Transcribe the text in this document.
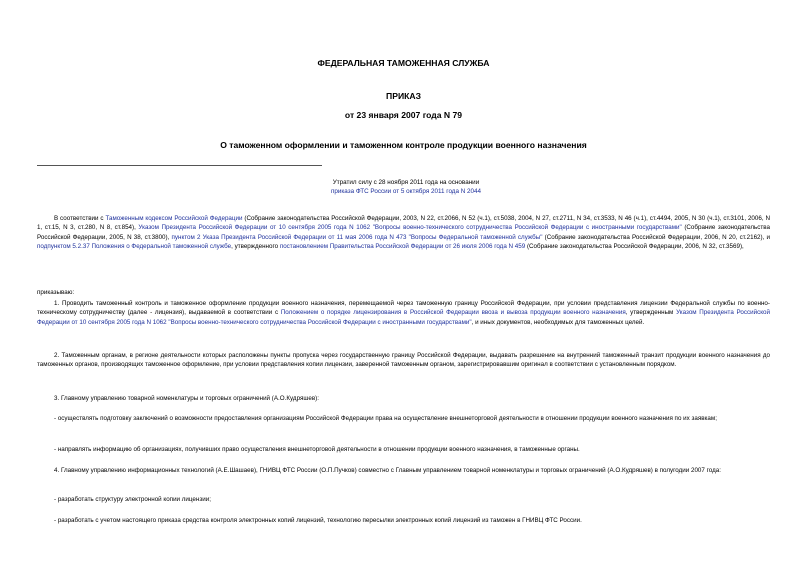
ФЕДЕРАЛЬНАЯ ТАМОЖЕННАЯ СЛУЖБА
ПРИКАЗ
от 23 января 2007 года N 79
О таможенном оформлении и таможенном контроле продукции военного назначения
Утратил силу с 28 ноября 2011 года на основании
приказа ФТС России от 5 октября 2011 года N 2044
В соответствии с Таможенным кодексом Российской Федерации (Собрание законодательства Российской Федерации, 2003, N 22, ст.2066, N 52 (ч.1), ст.5038, 2004, N 27, ст.2711, N 34, ст.3533, N 46 (ч.1), ст.4494, 2005, N 30 (ч.1), ст.3101, 2006, N 1, ст.15, N 3, ст.280, N 8, ст.854), Указом Президента Российской Федерации от 10 сентября 2005 года N 1062 "Вопросы военно-технического сотрудничества Российской Федерации с иностранными государствами" (Собрание законодательства Российской Федерации, 2005, N 38, ст.3800), пунктом 2 Указа Президента Российской Федерации от 11 мая 2006 года N 473 "Вопросы Федеральной таможенной службы" (Собрание законодательства Российской Федерации, 2006, N 20, ст.2162), и подпунктом 5.2.37 Положения о Федеральной таможенной службе, утвержденного постановлением Правительства Российской Федерации от 26 июля 2006 года N 459 (Собрание законодательства Российской Федерации, 2006, N 32, ст.3569),
приказываю:
1. Проводить таможенный контроль и таможенное оформление продукции военного назначения, перемещаемой через таможенную границу Российской Федерации, при условии представления лицензии Федеральной службы по военно-техническому сотрудничеству (далее - лицензия), выдаваемой в соответствии с Положением о порядке лицензирования в Российской Федерации ввоза и вывоза продукции военного назначения, утвержденным Указом Президента Российской Федерации от 10 сентября 2005 года N 1062 "Вопросы военно-технического сотрудничества Российской Федерации с иностранными государствами", и иных документов, необходимых для таможенных целей.
2. Таможенным органам, в регионе деятельности которых расположены пункты пропуска через государственную границу Российской Федерации, выдавать разрешение на внутренний таможенный транзит продукции военного назначения до таможенных органов, производящих таможенное оформление, при условии представления копии лицензии, заверенной таможенным органом, зарегистрировавшим оригинал в соответствии с установленным порядком.
3. Главному управлению товарной номенклатуры и торговых ограничений (А.О.Кудряшев):
- осуществлять подготовку заключений о возможности предоставления организациям Российской Федерации права на осуществление внешнеторговой деятельности в отношении продукции военного назначения по их заявкам;
- направлять информацию об организациях, получивших право осуществления внешнеторговой деятельности в отношении продукции военного назначения, в таможенные органы.
4. Главному управлению информационных технологий (А.Е.Шашаев), ГНИВЦ ФТС России (О.П.Пучков) совместно с Главным управлением товарной номенклатуры и торговых ограничений (А.О.Кудряшев) в полугодии 2007 года:
- разработать структуру электронной копии лицензии;
- разработать с учетом настоящего приказа средства контроля электронных копий лицензий, технологию пересылки электронных копий лицензий из таможен в ГНИВЦ ФТС России.
